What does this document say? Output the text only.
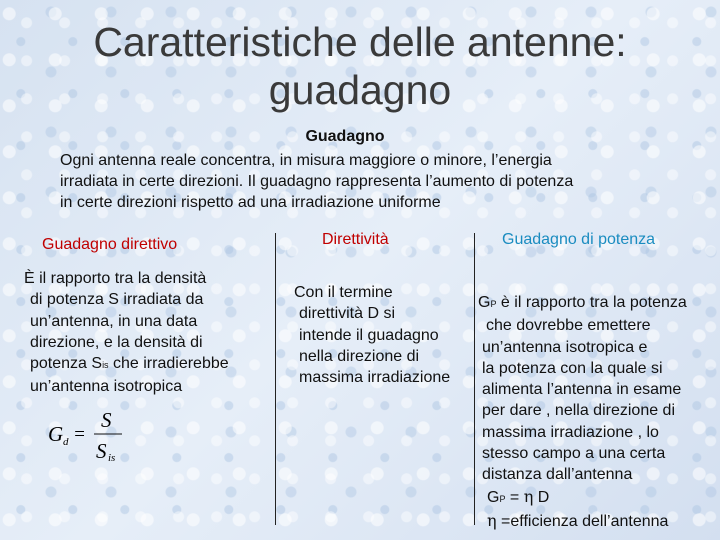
Caratteristiche delle antenne:
guadagno
Guadagno
Ogni antenna reale concentra, in misura maggiore o minore, l’energia
irradiata in certe direzioni. Il guadagno rappresenta l’aumento di potenza
in certe direzioni rispetto ad una irradiazione uniforme
Guadagno direttivo
È il rapporto tra la densità
di potenza S irradiata da
un’antenna, in una data
direzione, e la densità di
potenza Sis che irradierebbe
un’antenna isotropica
G d =
S
S is
Direttività
Con il termine
direttività D si
intende il guadagno
nella direzione di
massima irradiazione
Guadagno di potenza
GP è il rapporto tra la potenza
che dovrebbe emettere
un’antenna isotropica e
la potenza con la quale si
alimenta l’antenna in esame
per dare , nella direzione di
massima irradiazione , lo
stesso campo a una certa
distanza dall’antenna
GP = η D
η =efficienza dell’antenna
